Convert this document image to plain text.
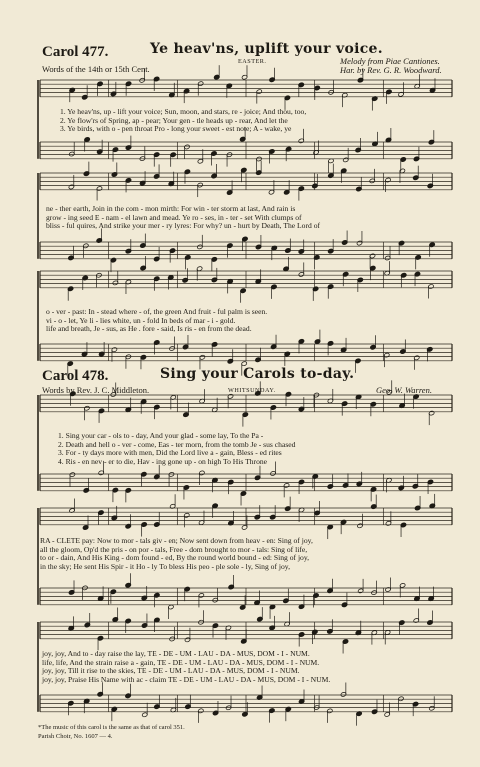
Carol 477.	Ye heav'ns, uplift your voice.
EASTER.	Melody from Piae Cantiones.
Har. by Rev. G. R. Woodward.
Words of the 14th or 15th Cent.
1. Ye heav'ns, up - lift your voice; Sun, moon, and stars, re - joice; And thou, too,
2. Ye flow'rs of Spring, ap - pear; Your gen - tle heads up - rear, And let the
3. Ye birds, with o - pen throat Pro - long your sweet - est note; A - wake, ye
ne - ther earth, Join in the com - mon mirth: For win - ter storm at last, And rain is
grow - ing seed E - nam - el lawn and mead. Ye ro - ses, in - ter - set With clumps of
bliss - ful quires, And strike your mer - ry lyres: For why? un - hurt by Death, The Lord of
o - ver - past: In - stead where - of, the green And fruit - ful palm is seen.
vi - o - let, Ye li - lies white, un - fold In beds of mar - i - gold.
life and breath, Je - sus, as He . fore - said, Is ris - en from the dead.
Carol 478.	Sing your Carols to-day.
Words by Rev. J. C. Middleton.	WHITSUNDAY.	Geo. W. Warren.
1. Sing your car - ols to - day, And your glad - some lay, To the Pa -
2. Death and hell o - ver - come, Eas - ter morn, from the tomb Je - sus chased
3. For - ty days more with men, Did the Lord live a - gain, Bless - ed rites
4. Ris - en nev - er to die, Hav - ing gone up - on high To His Throne
RA - CLETE pay: Now to mor - tals giv - en; Now sent down from heav - en: Sing of joy,
all the gloom, Op'd the pris - on por - tals, Free - dom brought to mor - tals: Sing of life,
to or - dain, And His King - dom found - ed, By the round world bound - ed: Sing of joy,
in the sky; He sent His Spir - it Ho - ly To bless His peo - ple sole - ly, Sing of joy,
joy, joy, And to - day raise the lay, TE - DE - UM - LAU - DA - MUS, DOM - I - NUM.
life, life, And the strain raise a - gain, TE - DE - UM - LAU - DA - MUS, DOM - I - NUM.
joy, joy, Till it rise to the skies, TE - DE - UM - LAU - DA - MUS, DOM - I - NUM.
joy, joy, Praise His Name with ac - claim TE - DE - UM - LAU - DA - MUS, DOM - I - NUM.
*The music of this carol is the same as that of carol 351.
Parish Choir, No. 1607 — 4.
